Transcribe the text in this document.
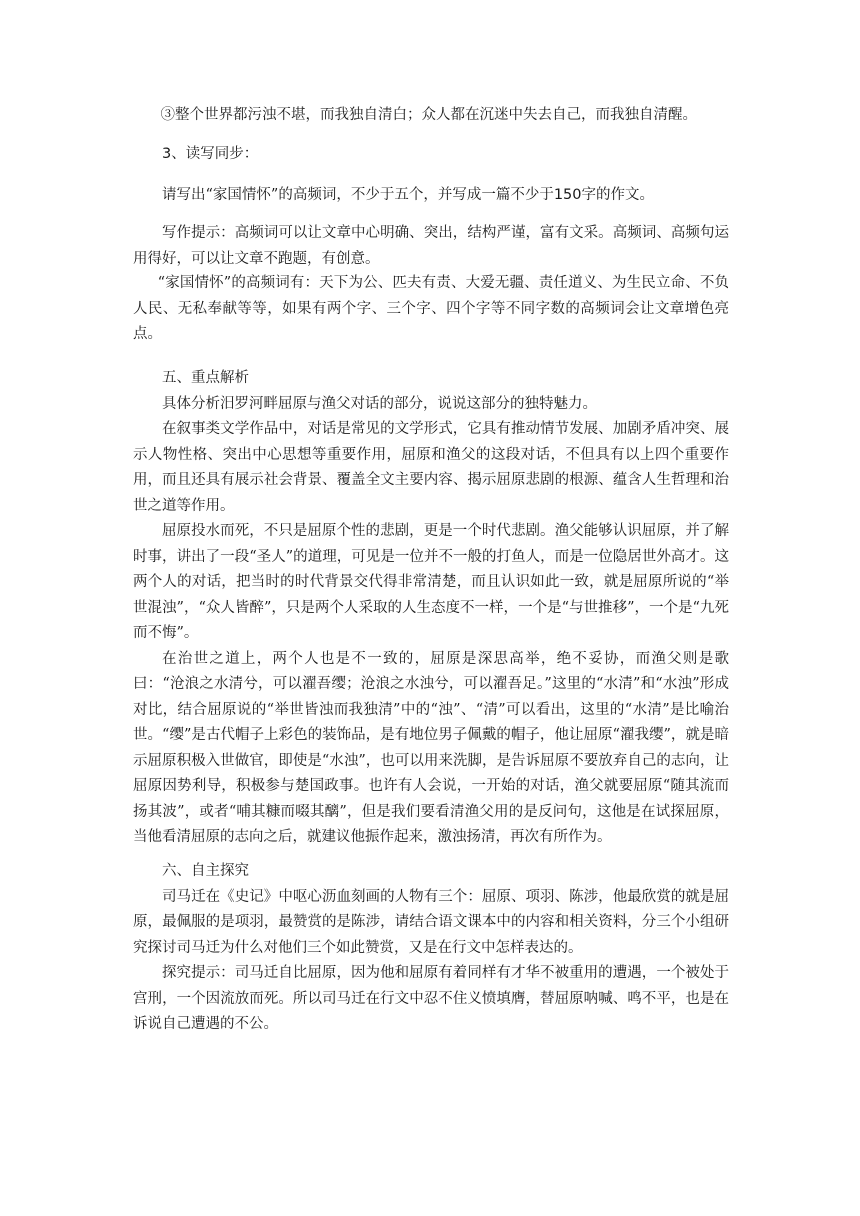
③整个世界都污浊不堪，而我独自清白；众人都在沉迷中失去自己，而我独自清醒。

3、读写同步：

请写出“家国情怀”的高频词，不少于五个，并写成一篇不少于150字的作文。

写作提示：高频词可以让文章中心明确、突出，结构严谨，富有文采。高频词、高频句运用得好，可以让文章不跑题，有创意。

“家国情怀”的高频词有：天下为公、匹夫有责、大爱无疆、责任道义、为生民立命、不负人民、无私奉献等等，如果有两个字、三个字、四个字等不同字数的高频词会让文章增色亮点。

五、重点解析

具体分析汨罗河畔屈原与渔父对话的部分，说说这部分的独特魅力。

在叙事类文学作品中，对话是常见的文学形式，它具有推动情节发展、加剧矛盾冲突、展示人物性格、突出中心思想等重要作用，屈原和渔父的这段对话，不但具有以上四个重要作用，而且还具有展示社会背景、覆盖全文主要内容、揭示屈原悲剧的根源、蕴含人生哲理和治世之道等作用。

屈原投水而死，不只是屈原个性的悲剧，更是一个时代悲剧。渔父能够认识屈原，并了解时事，讲出了一段“圣人”的道理，可见是一位并不一般的打鱼人，而是一位隐居世外高才。这两个人的对话，把当时的时代背景交代得非常清楚，而且认识如此一致，就是屈原所说的“举世混浊”，“众人皆醉”，只是两个人采取的人生态度不一样，一个是“与世推移”，一个是“九死而不悔”。

在治世之道上，两个人也是不一致的，屈原是深思高举，绝不妥协，而渔父则是歌曰：“沧浪之水清兮，可以濯吾缨；沧浪之水浊兮，可以濯吾足。”这里的“水清”和“水浊”形成对比，结合屈原说的“举世皆浊而我独清”中的“浊”、“清”可以看出，这里的“水清”是比喻治世。“缨”是古代帽子上彩色的装饰品，是有地位男子佩戴的帽子，他让屈原“濯我缨”，就是暗示屈原积极入世做官，即使是“水浊”，也可以用来洗脚，是告诉屈原不要放弃自己的志向，让屈原因势利导，积极参与楚国政事。也许有人会说，一开始的对话，渔父就要屈原“随其流而扬其波”，或者“哺其糠而啜其醨”，但是我们要看清渔父用的是反问句，这他是在试探屈原，当他看清屈原的志向之后，就建议他振作起来，激浊扬清，再次有所作为。

六、自主探究

司马迁在《史记》中呕心沥血刻画的人物有三个：屈原、项羽、陈涉，他最欣赏的就是屈原，最佩服的是项羽，最赞赏的是陈涉，请结合语文课本中的内容和相关资料，分三个小组研究探讨司马迁为什么对他们三个如此赞赏，又是在行文中怎样表达的。

探究提示：司马迁自比屈原，因为他和屈原有着同样有才华不被重用的遭遇，一个被处于宫刑，一个因流放而死。所以司马迁在行文中忍不住义愤填膺，替屈原呐喊、鸣不平，也是在诉说自己遭遇的不公。
